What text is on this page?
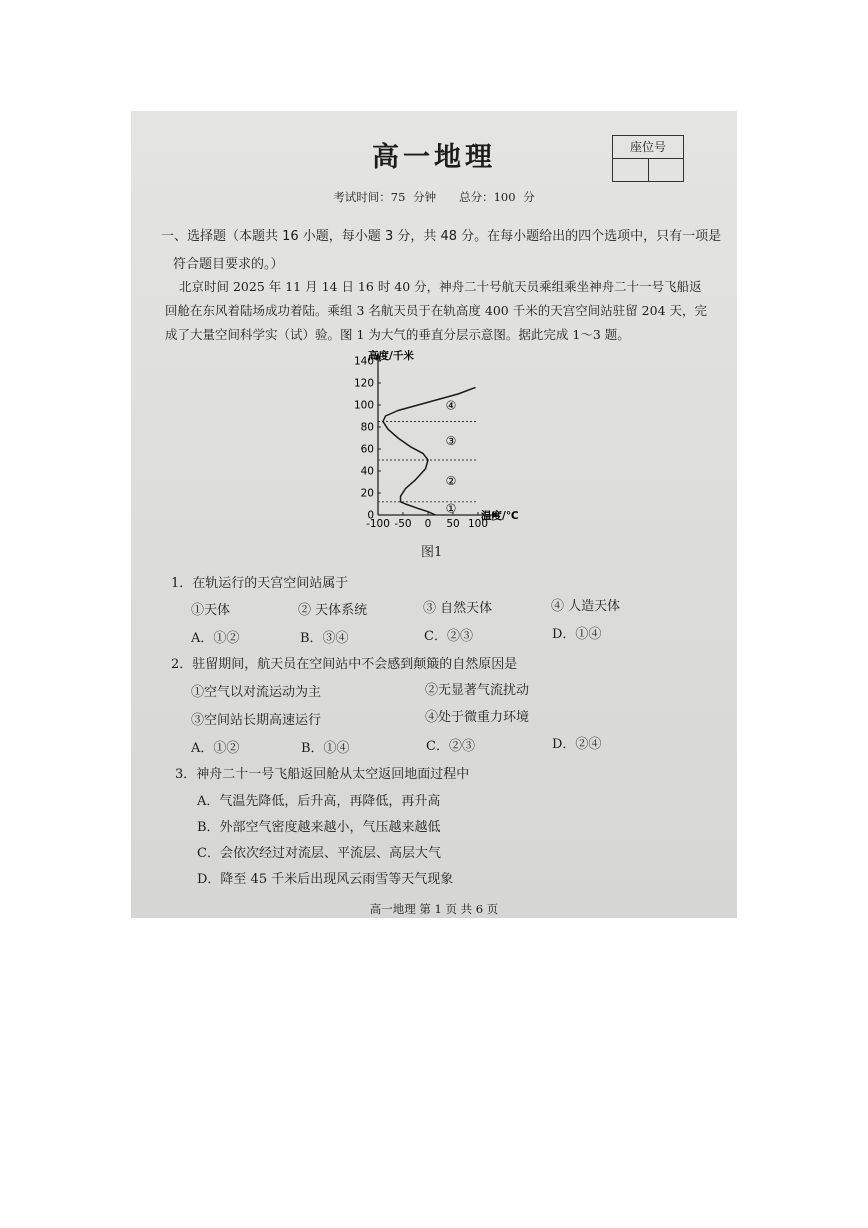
高一地理	座位号
考试时间：75 分钟　　总分：100 分
一、选择题（本题共 16 小题，每小题 3 分，共 48 分。在每小题给出的四个选项中，只有一项是
符合题目要求的。）
北京时间 2025 年 11 月 14 日 16 时 40 分，神舟二十号航天员乘组乘坐神舟二十一号飞船返
回舱在东风着陆场成功着陆。乘组 3 名航天员于在轨高度 400 千米的天宫空间站驻留 204 天，完
成了大量空间科学实（试）验。图 1 为大气的垂直分层示意图。据此完成 1～3 题。
140
120
100
80
60
40
20
0
-100 -50 0 50 100
①
②
③
④
高度/千米
温度/℃
图1
1．在轨运行的天宫空间站属于
①天体	② 天体系统	③ 自然天体	④ 人造天体
A．①②	B．③④	C．②③	D．①④
2．驻留期间，航天员在空间站中不会感到颠簸的自然原因是
①空气以对流运动为主	②无显著气流扰动
③空间站长期高速运行	④处于微重力环境
A．①②	B．①④	C．②③	D．②④
3．神舟二十一号飞船返回舱从太空返回地面过程中
A．气温先降低，后升高，再降低，再升高
B．外部空气密度越来越小，气压越来越低
C．会依次经过对流层、平流层、高层大气
D．降至 45 千米后出现风云雨雪等天气现象
高一地理 第 1 页 共 6 页
